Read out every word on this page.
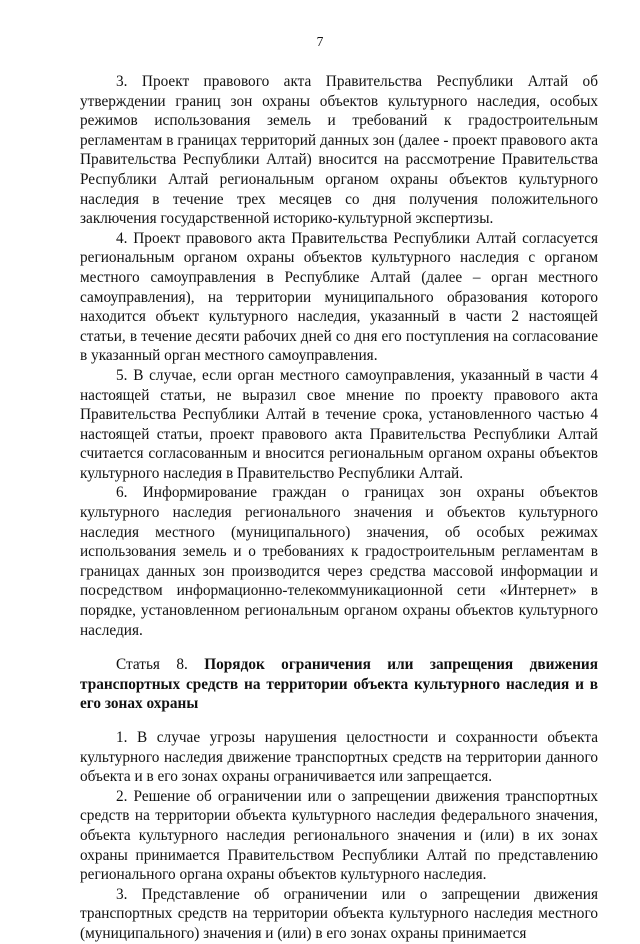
7

3. Проект правового акта Правительства Республики Алтай об утверждении границ зон охраны объектов культурного наследия, особых режимов использования земель и требований к градостроительным регламентам в границах территорий данных зон (далее - проект правового акта Правительства Республики Алтай) вносится на рассмотрение Правительства Республики Алтай региональным органом охраны объектов культурного наследия в течение трех месяцев со дня получения положительного заключения государственной историко-культурной экспертизы.

4. Проект правового акта Правительства Республики Алтай согласуется региональным органом охраны объектов культурного наследия с органом местного самоуправления в Республике Алтай (далее – орган местного самоуправления), на территории муниципального образования которого находится объект культурного наследия, указанный в части 2 настоящей статьи, в течение десяти рабочих дней со дня его поступления на согласование в указанный орган местного самоуправления.

5. В случае, если орган местного самоуправления, указанный в части 4 настоящей статьи, не выразил свое мнение по проекту правового акта Правительства Республики Алтай в течение срока, установленного частью 4 настоящей статьи, проект правового акта Правительства Республики Алтай считается согласованным и вносится региональным органом охраны объектов культурного наследия в Правительство Республики Алтай.

6. Информирование граждан о границах зон охраны объектов культурного наследия регионального значения и объектов культурного наследия местного (муниципального) значения, об особых режимах использования земель и о требованиях к градостроительным регламентам в границах данных зон производится через средства массовой информации и посредством информационно-телекоммуникационной сети «Интернет» в порядке, установленном региональным органом охраны объектов культурного наследия.

Статья 8. Порядок ограничения или запрещения движения транспортных средств на территории объекта культурного наследия и в его зонах охраны

1. В случае угрозы нарушения целостности и сохранности объекта культурного наследия движение транспортных средств на территории данного объекта и в его зонах охраны ограничивается или запрещается.

2. Решение об ограничении или о запрещении движения транспортных средств на территории объекта культурного наследия федерального значения, объекта культурного наследия регионального значения и (или) в их зонах охраны принимается Правительством Республики Алтай по представлению регионального органа охраны объектов культурного наследия.

3. Представление об ограничении или о запрещении движения транспортных средств на территории объекта культурного наследия местного (муниципального) значения и (или) в его зонах охраны принимается
